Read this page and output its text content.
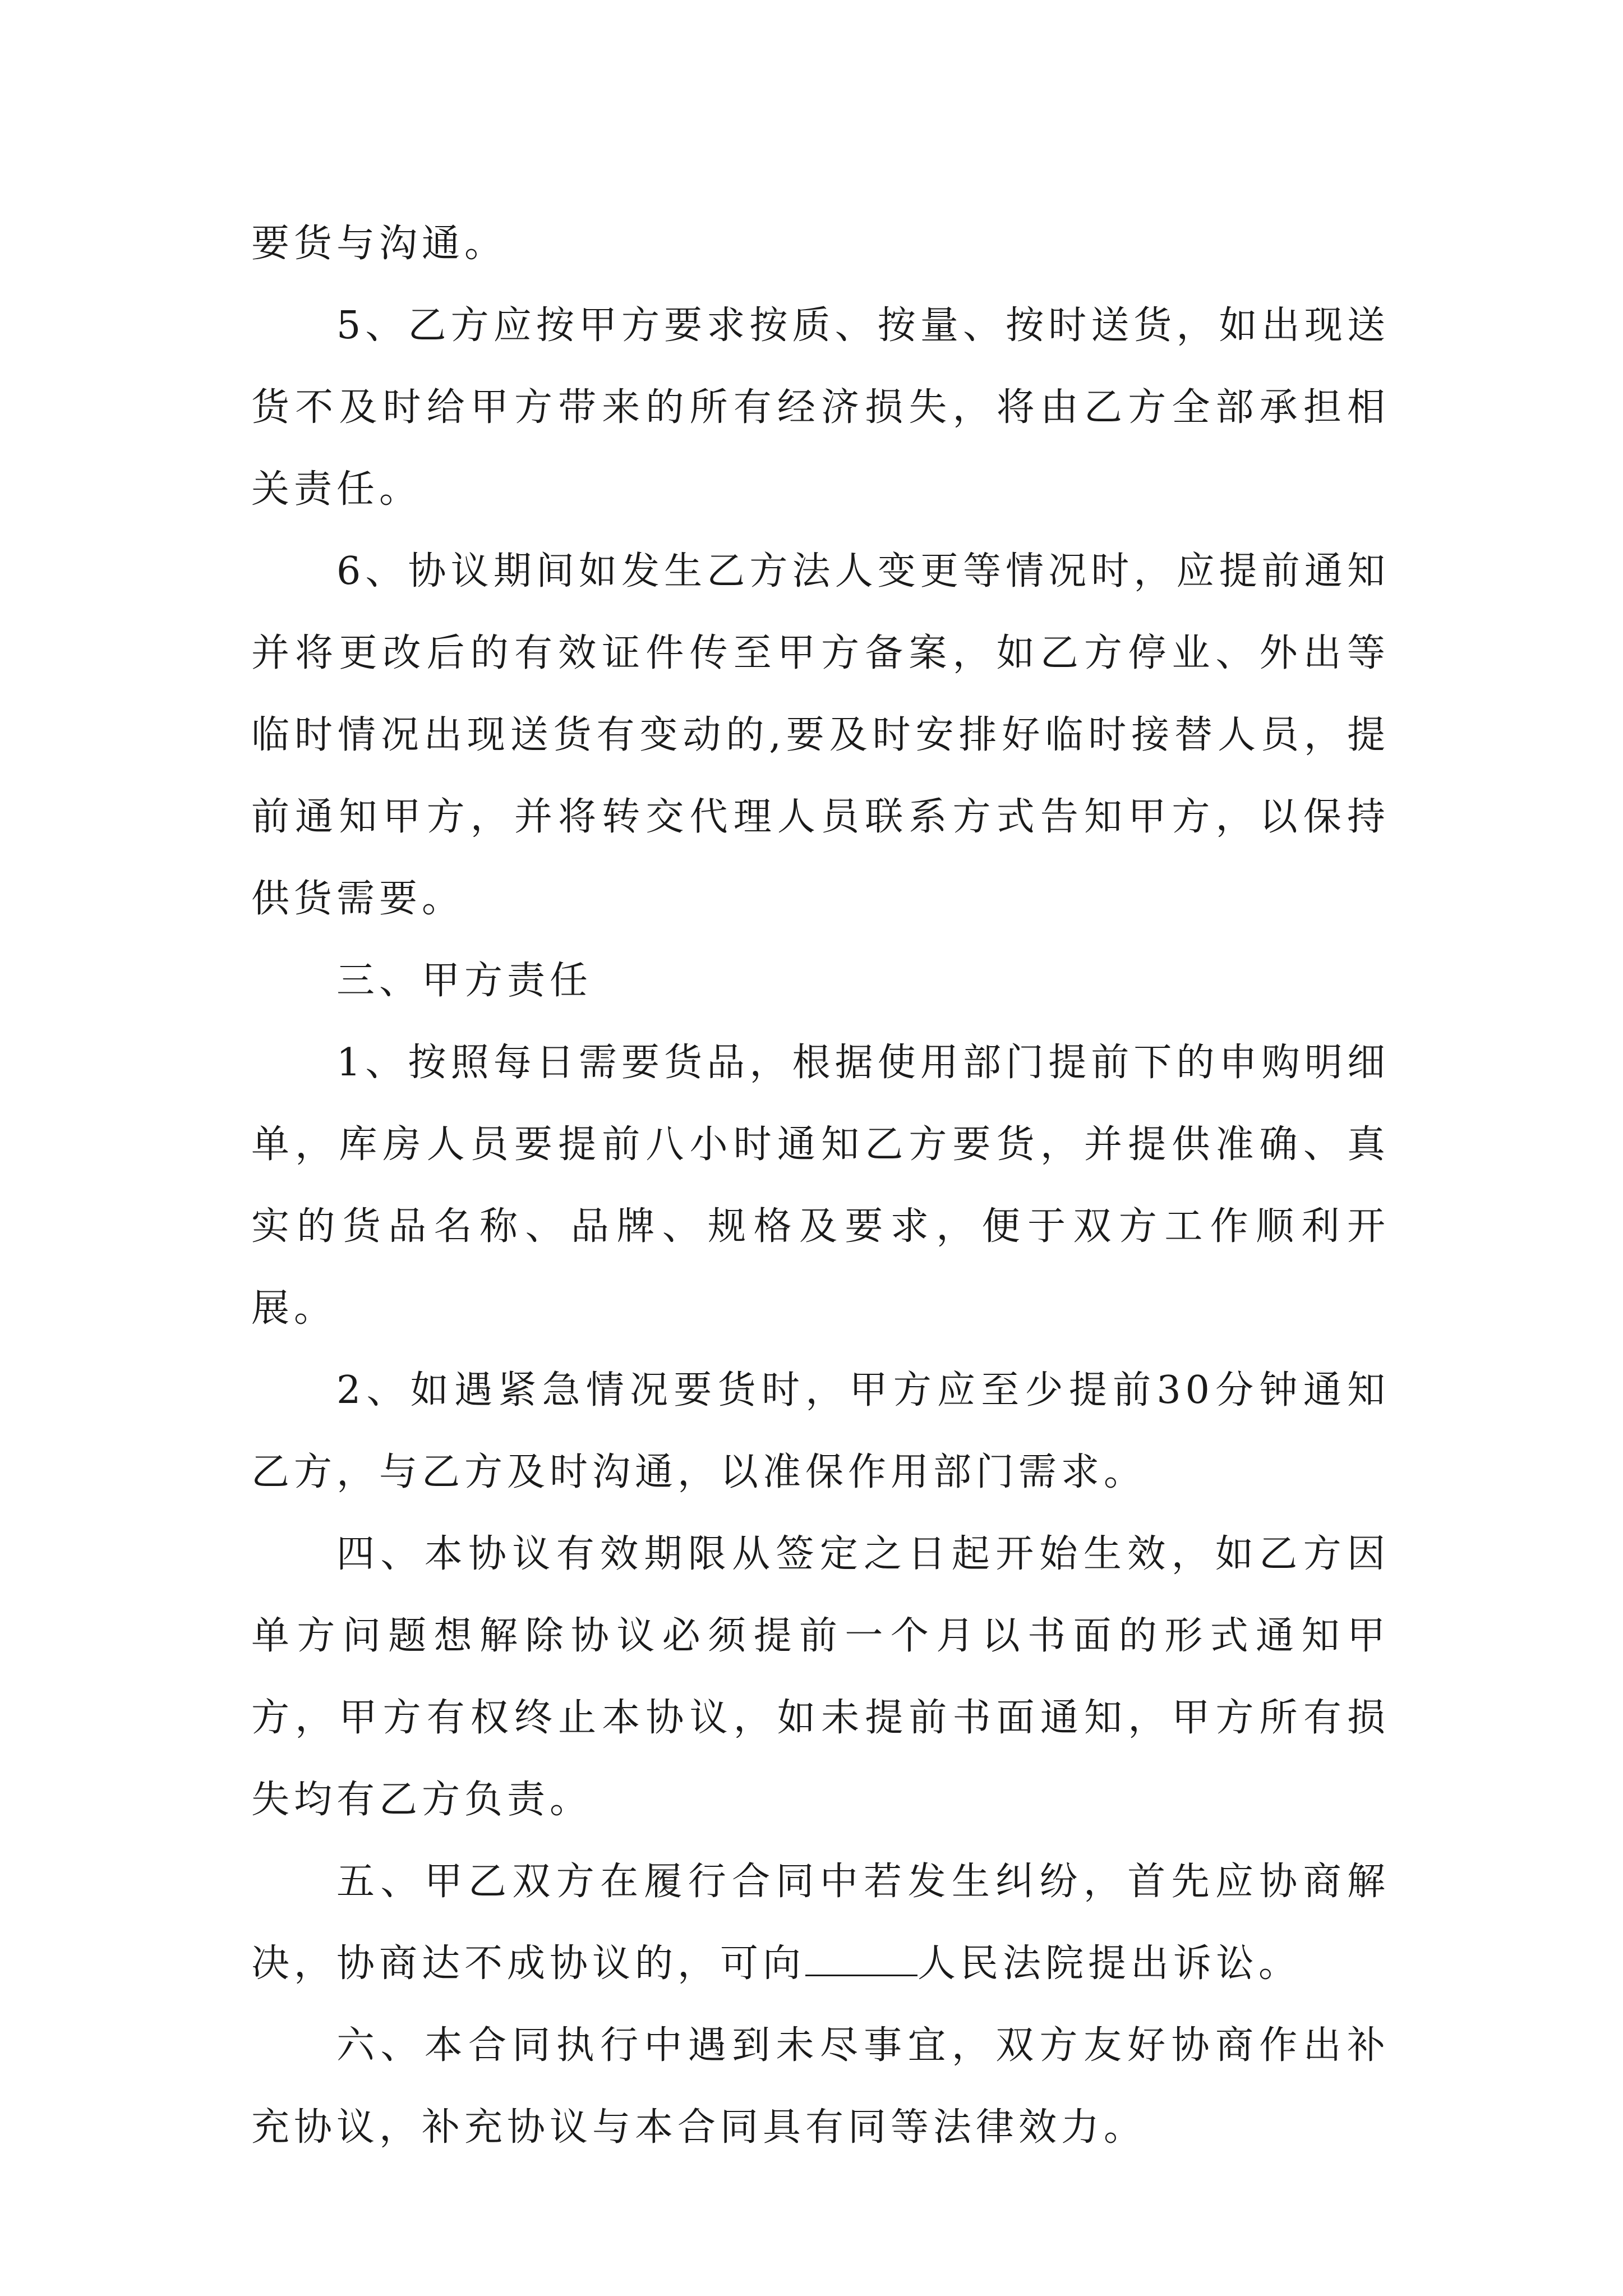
要货与沟通。

5、乙方应按甲方要求按质、按量、按时送货，如出现送货不及时给甲方带来的所有经济损失，将由乙方全部承担相关责任。

6、协议期间如发生乙方法人变更等情况时，应提前通知并将更改后的有效证件传至甲方备案，如乙方停业、外出等临时情况出现送货有变动的,要及时安排好临时接替人员，提前通知甲方，并将转交代理人员联系方式告知甲方，以保持供货需要。

三、甲方责任

1、按照每日需要货品，根据使用部门提前下的申购明细单，库房人员要提前八小时通知乙方要货，并提供准确、真实的货品名称、品牌、规格及要求，便于双方工作顺利开展。

2、如遇紧急情况要货时，甲方应至少提前30分钟通知乙方，与乙方及时沟通，以准保作用部门需求。

四、本协议有效期限从签定之日起开始生效，如乙方因单方问题想解除协议必须提前一个月以书面的形式通知甲方，甲方有权终止本协议，如未提前书面通知，甲方所有损失均有乙方负责。

五、甲乙双方在履行合同中若发生纠纷，首先应协商解决，协商达不成协议的，可向	人民法院提出诉讼。

六、本合同执行中遇到未尽事宜，双方友好协商作出补充协议，补充协议与本合同具有同等法律效力。
